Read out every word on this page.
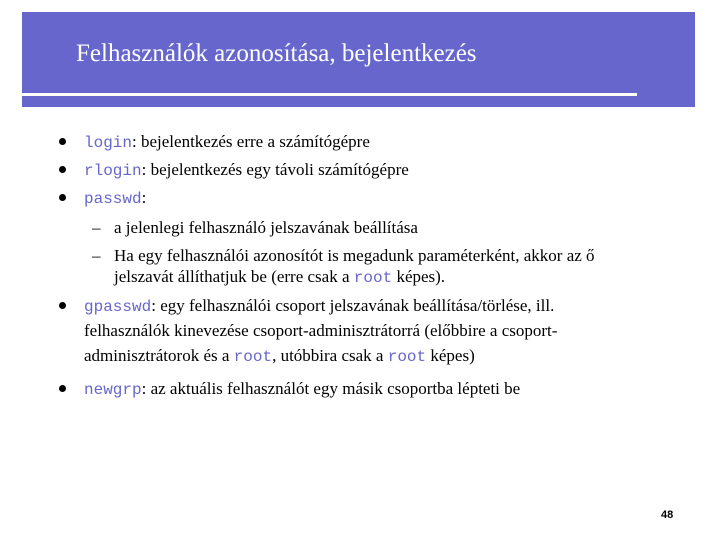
Felhasználók azonosítása, bejelentkezés
login: bejelentkezés erre a számítógépre
rlogin: bejelentkezés egy távoli számítógépre
passwd:
– a jelenlegi felhasználó jelszavának beállítása
– Ha egy felhasználói azonosítót is megadunk paraméterként, akkor az ő
jelszavát állíthatjuk be (erre csak a root képes).
gpasswd: egy felhasználói csoport jelszavának beállítása/törlése, ill.
felhasználók kinevezése csoport-adminisztrátorrá (előbbire a csoport-
adminisztrátorok és a root, utóbbira csak a root képes)
newgrp: az aktuális felhasználót egy másik csoportba lépteti be
48
